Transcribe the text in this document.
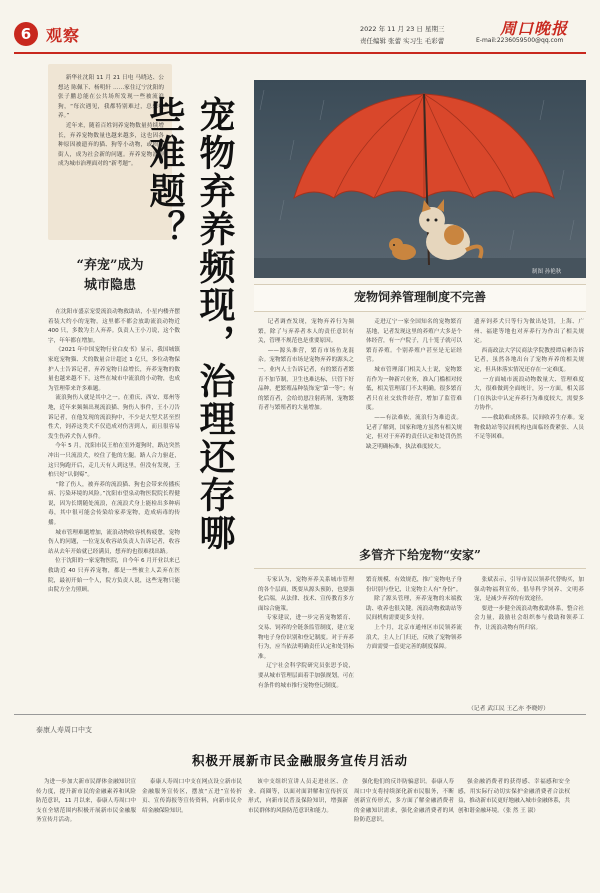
6 观察	2022 年 11 月 23 日 星期三
责任编辑 张蕾 实习生 毛彩蕾
周口晚报
E-mail:2236059500@qq.com
新华社沈阳 11 月 21 日电 马晓达、公想达 陈佩下、杨明轩 ……家住辽宁沈阳的张子鹏总能在公共场所发现一些被流浪狗，“每次遇见，我都特别难过，总想收养。”
近年来，随着百姓饲养宠物数量持续增长，弃养宠物数量也越来越多，这也因各种原因被遗弃的猫、狗等小动物，或损路街人，成为社会新的问题。弃养宠物治理成为城市治理面对的“新考题”。	宠物弃养频现，治理还存哪些难题？
“弃宠”成为
城市隐患
在沈阳市盛京宠爱流浪动物救助站，小星内楼齐摆着装大约小的宠物，这里都不都会放助流浪动物近 400 只，多数为主人弃养。负责人王小刀说，这个数字，年年都在增加。
《2021 年中国宠物行业白皮书》显示，我国城镇家庭宠物猫、犬的数量合计超过 1 亿只，多位动物保护人士告诉记者，弃养宠物日益增长，弃养宠物的数量也越来越不下。这些在城市中流浪的小动物，也成为管理带来许多难题。
流浪狗伤人就是其中之一。在重庆、西安、郑州等地，近年来频频出现流浪猫、狗伤人事件，王小刀告诉记者，在他发现的流浪狗中，不少是大型犬甚至烈性犬，饲养这类犬不仅造成对伤害到人，而且很容易发生伤养犬伤人事件。
今年 5 月，沈阳市民王柏在室外遛狗时，路边突然冲出一只流浪犬，咬住了他的左腿。路人合力驱赶，这只狗跑开后，走几天有人到这里，但没有发现，王柏只好“认倒霉”。
“除了伤人，被弃养的流浪猫、狗也会带来传播疾病、污染环境的风险。”沈阳市望泉动物医院院长程健说，因为长期随处流浪，在流浪犬身上能检出多种病毒，其中很可能会传染给家养宠物，造成病毒的传播。
城市管理难题增加，流浪动物收容机构疲惫，宠物伤人的问题，一位宠友收容站负责人告诉记者，收容站从去年开始就已经满员，想弃的也很难找出路。
位于沈阳的一家宠物医院，自今年 6 月开业以来已救助近 40 只弃养宠物，都是一些被主人丢弃在医院，最初开始一个人，院方负责人说，这些宠物只能由院方全力照顾。
制图 孙艳秋
宠物饲养管理制度不完善
记者调查发现，宠物弃养行为频繁，除了与弃养者本人的责任意识有关，管理不规范也是重要原因。
——源头准营，繁育市场鱼龙混杂。宠物繁育市场是宠物弃养的源头之一。业内人士告诉记者，有的繁育者繁育不加节制，卫生也难达标，只管下好品种，把繁殖品种装饰宠“第一等”；有的繁育者，会给幼崽注射药剂，宠物繁育者与繁殖者的大量增加。
走进辽宁一家全国知名的宠物繁育基地，记者发现这里的养殖户大多是个体经营，有一户院子，几十笼子就可以繁育养殖。个别养殖户甚至是无证经营。
城市管理部门相关人士说，宠物繁育作为一种新兴业务，准入门槛相对较低，相关管理部门不太明确。很多繁育者只在社交软件经营，增加了监管难度。
——有法难依，流浪行为难追责。记者了解到，国家和地方虽然有相关规定，但对于弃养的责任认定和处罚仍然缺乏明确标准，执法难度较大。
遗弃饲养犬只等行为做出处罚，上海、广州、福建等地也对弃养行为作出了相关规定。
西南政法大学民商法学院教授谭启彬告诉记者，虽然各地出台了宠物弃养的相关规定，但具体落实情况还存在一定难度。
一方面城市流浪动物数量大、管理难度大，很难做到全面统计，另一方面，相关部门在执法中认定弃养行为难度较大，需要多方协作。
——救助难成体系。民间收养生存难。宠物救助站等民间机构也面临经费紧张、人员不足等困难。
多管齐下给宠物“安家”
专家认为，宠物弃养关系城市管理的各个层面，既要从源头预防，也要强化后端，从法律、技术、宣传教育多方面综合施策。
专家建议，进一步完善宠物繁育、交易、饲养的全链条监管制度，建立宠物电子身份识别和登记制度。对于弃养行为，应当依法明确责任认定和处罚标准。
辽宁社会科学院研究员张思予说，要从城市管理层面着手加强规划，可在有条件的城市推行宠物登记制度。
繁育规模、有效规范，推广宠物电子身份识别与登记，让宠物主人有“身份”。
除了源头管理，弃养宠物的末端救助、收养也很关键。流浪动物救助站等民间机构需要更多支持。
上个月，北京市通州区市民领养流浪犬，主人上门归还，反映了宠物领养方面需要一套更完善的制度保障。
张斌表示，引导市民以领养代替购买，加强动物福利宣传，倡导科学饲养、文明养宠，是减少弃养的有效途径。
要进一步健全流浪动物救助体系，整合社会力量，鼓励社会组织参与救助和领养工作，让流浪动物有所归宿。
（记者 武江民 王乙亦 李晓婷）
泰康人寿周口中支
积极开展新市民金融服务宣传月活动
为进一步加大新市民群体金融知识宣传力度，提升新市民的金融素养和风险防范意识，11 月以来，泰康人寿周口中支在全辖范围内积极开展新市民金融服务宣传月活动。
泰康人寿周口中支在网点设立新市民金融服务宣传区，摆放“五进”宣传折页、宣传海报等宣传资料，向新市民介绍金融保险知识。
该中支组织宣讲人员走进社区、企业、商圈等，以面对面讲解和宣传折页形式，向新市民普及保险知识，增强新市民群体的风险防范意识和能力。
强化他们的反诈防骗意识。泰康人寿周口中支将持续深化新市民服务，不断创新宣传形式，多方面了解金融消费者的金融知识需求，强化金融消费者的风险防范意识。
强金融消费者的获得感、幸福感和安全感，用实际行动切实保护金融消费者合法权益，推动新市民更好地融入城市金融体系，共创和谐金融环境。（张 然 王 淑）
